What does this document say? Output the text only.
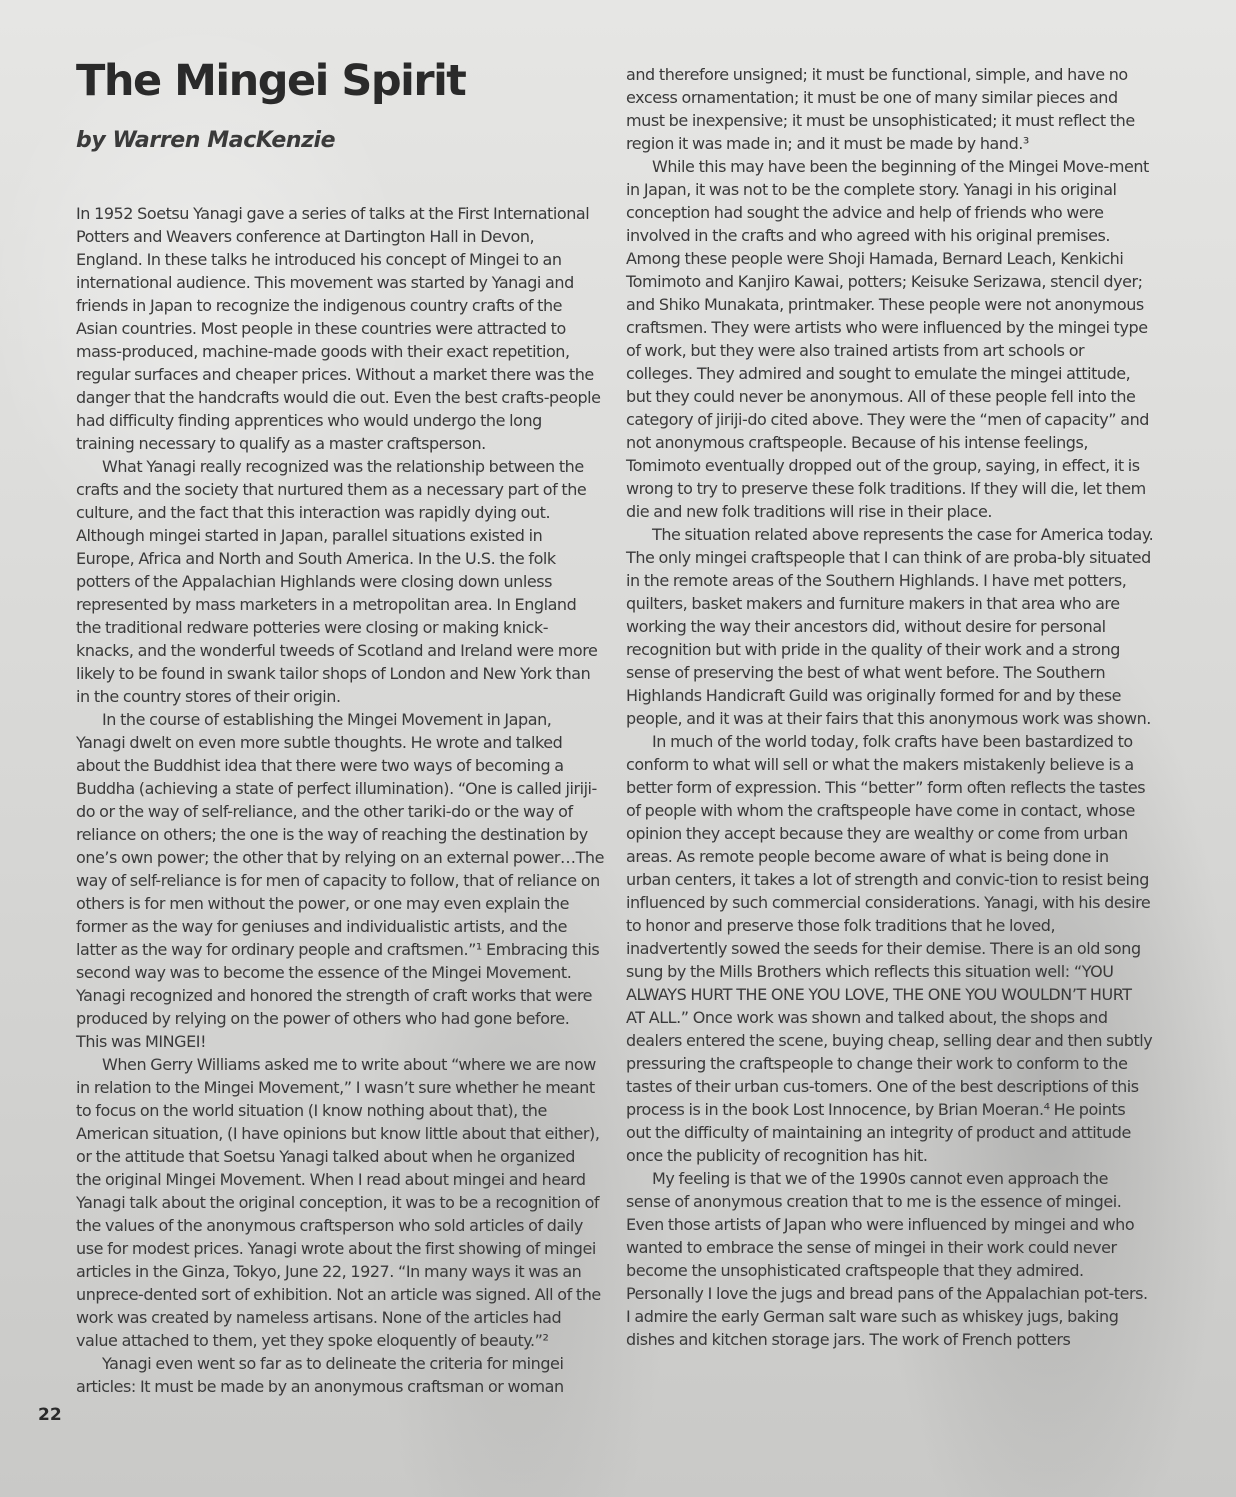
The Mingei Spirit
by Warren MacKenzie

In 1952 Soetsu Yanagi gave a series of talks at the First International Potters and Weavers conference at Dartington Hall in Devon, England. In these talks he introduced his concept of Mingei to an international audience. This movement was started by Yanagi and friends in Japan to recognize the indigenous country crafts of the Asian countries. Most people in these countries were attracted to mass-produced, machine-made goods with their exact repetition, regular surfaces and cheaper prices. Without a market there was the danger that the handcrafts would die out. Even the best crafts-people had difficulty finding apprentices who would undergo the long training necessary to qualify as a master craftsperson.

What Yanagi really recognized was the relationship between the crafts and the society that nurtured them as a necessary part of the culture, and the fact that this interaction was rapidly dying out. Although mingei started in Japan, parallel situations existed in Europe, Africa and North and South America. In the U.S. the folk potters of the Appalachian Highlands were closing down unless represented by mass marketers in a metropolitan area. In England the traditional redware potteries were closing or making knick-knacks, and the wonderful tweeds of Scotland and Ireland were more likely to be found in swank tailor shops of London and New York than in the country stores of their origin.

In the course of establishing the Mingei Movement in Japan, Yanagi dwelt on even more subtle thoughts. He wrote and talked about the Buddhist idea that there were two ways of becoming a Buddha (achieving a state of perfect illumination). “One is called jiriji-do or the way of self-reliance, and the other tariki-do or the way of reliance on others; the one is the way of reaching the destination by one’s own power; the other that by relying on an external power…The way of self-reliance is for men of capacity to follow, that of reliance on others is for men without the power, or one may even explain the former as the way for geniuses and individualistic artists, and the latter as the way for ordinary people and craftsmen.”¹ Embracing this second way was to become the essence of the Mingei Movement. Yanagi recognized and honored the strength of craft works that were produced by relying on the power of others who had gone before. This was MINGEI!

When Gerry Williams asked me to write about “where we are now in relation to the Mingei Movement,” I wasn’t sure whether he meant to focus on the world situation (I know nothing about that), the American situation, (I have opinions but know little about that either), or the attitude that Soetsu Yanagi talked about when he organized the original Mingei Movement. When I read about mingei and heard Yanagi talk about the original conception, it was to be a recognition of the values of the anonymous craftsperson who sold articles of daily use for modest prices. Yanagi wrote about the first showing of mingei articles in the Ginza, Tokyo, June 22, 1927. “In many ways it was an unprece-dented sort of exhibition. Not an article was signed. All of the work was created by nameless artisans. None of the articles had value attached to them, yet they spoke eloquently of beauty.”²

Yanagi even went so far as to delineate the criteria for mingei articles: It must be made by an anonymous craftsman or woman

and therefore unsigned; it must be functional, simple, and have no excess ornamentation; it must be one of many similar pieces and must be inexpensive; it must be unsophisticated; it must reflect the region it was made in; and it must be made by hand.³

While this may have been the beginning of the Mingei Move-ment in Japan, it was not to be the complete story. Yanagi in his original conception had sought the advice and help of friends who were involved in the crafts and who agreed with his original premises. Among these people were Shoji Hamada, Bernard Leach, Kenkichi Tomimoto and Kanjiro Kawai, potters; Keisuke Serizawa, stencil dyer; and Shiko Munakata, printmaker. These people were not anonymous craftsmen. They were artists who were influenced by the mingei type of work, but they were also trained artists from art schools or colleges. They admired and sought to emulate the mingei attitude, but they could never be anonymous. All of these people fell into the category of jiriji-do cited above. They were the “men of capacity” and not anonymous craftspeople. Because of his intense feelings, Tomimoto eventually dropped out of the group, saying, in effect, it is wrong to try to preserve these folk traditions. If they will die, let them die and new folk traditions will rise in their place.

The situation related above represents the case for America today. The only mingei craftspeople that I can think of are proba-bly situated in the remote areas of the Southern Highlands. I have met potters, quilters, basket makers and furniture makers in that area who are working the way their ancestors did, without desire for personal recognition but with pride in the quality of their work and a strong sense of preserving the best of what went before. The Southern Highlands Handicraft Guild was originally formed for and by these people, and it was at their fairs that this anonymous work was shown.

In much of the world today, folk crafts have been bastardized to conform to what will sell or what the makers mistakenly believe is a better form of expression. This “better” form often reflects the tastes of people with whom the craftspeople have come in contact, whose opinion they accept because they are wealthy or come from urban areas. As remote people become aware of what is being done in urban centers, it takes a lot of strength and convic-tion to resist being influenced by such commercial considerations. Yanagi, with his desire to honor and preserve those folk traditions that he loved, inadvertently sowed the seeds for their demise. There is an old song sung by the Mills Brothers which reflects this situation well: “YOU ALWAYS HURT THE ONE YOU LOVE, THE ONE YOU WOULDN’T HURT AT ALL.” Once work was shown and talked about, the shops and dealers entered the scene, buying cheap, selling dear and then subtly pressuring the craftspeople to change their work to conform to the tastes of their urban cus-tomers. One of the best descriptions of this process is in the book Lost Innocence, by Brian Moeran.⁴ He points out the difficulty of maintaining an integrity of product and attitude once the publicity of recognition has hit.

My feeling is that we of the 1990s cannot even approach the sense of anonymous creation that to me is the essence of mingei. Even those artists of Japan who were influenced by mingei and who wanted to embrace the sense of mingei in their work could never become the unsophisticated craftspeople that they admired. Personally I love the jugs and bread pans of the Appalachian pot-ters. I admire the early German salt ware such as whiskey jugs, baking dishes and kitchen storage jars. The work of French potters

22
